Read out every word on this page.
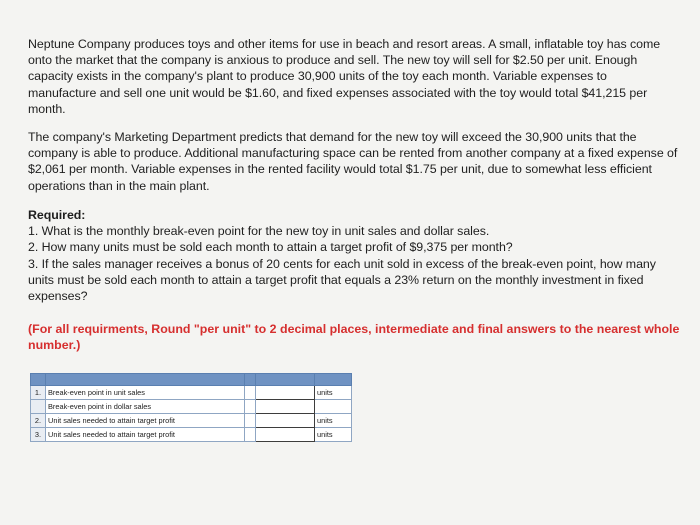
Neptune Company produces toys and other items for use in beach and resort areas. A small, inflatable toy has come onto the market that the company is anxious to produce and sell. The new toy will sell for $2.50 per unit. Enough capacity exists in the company's plant to produce 30,900 units of the toy each month. Variable expenses to manufacture and sell one unit would be $1.60, and fixed expenses associated with the toy would total $41,215 per month.

The company's Marketing Department predicts that demand for the new toy will exceed the 30,900 units that the company is able to produce. Additional manufacturing space can be rented from another company at a fixed expense of $2,061 per month. Variable expenses in the rented facility would total $1.75 per unit, due to somewhat less efficient operations than in the main plant.

Required:

1. What is the monthly break-even point for the new toy in unit sales and dollar sales.

2. How many units must be sold each month to attain a target profit of $9,375 per month?

3. If the sales manager receives a bonus of 20 cents for each unit sold in excess of the break-even point, how many units must be sold each month to attain a target profit that equals a 23% return on the monthly investment in fixed expenses?

(For all requirments, Round "per unit" to 2 decimal places, intermediate and final answers to the nearest whole number.)

1.	Break-even point in unit sales			units
	Break-even point in dollar sales			
2.	Unit sales needed to attain target profit			units
3.	Unit sales needed to attain target profit			units
